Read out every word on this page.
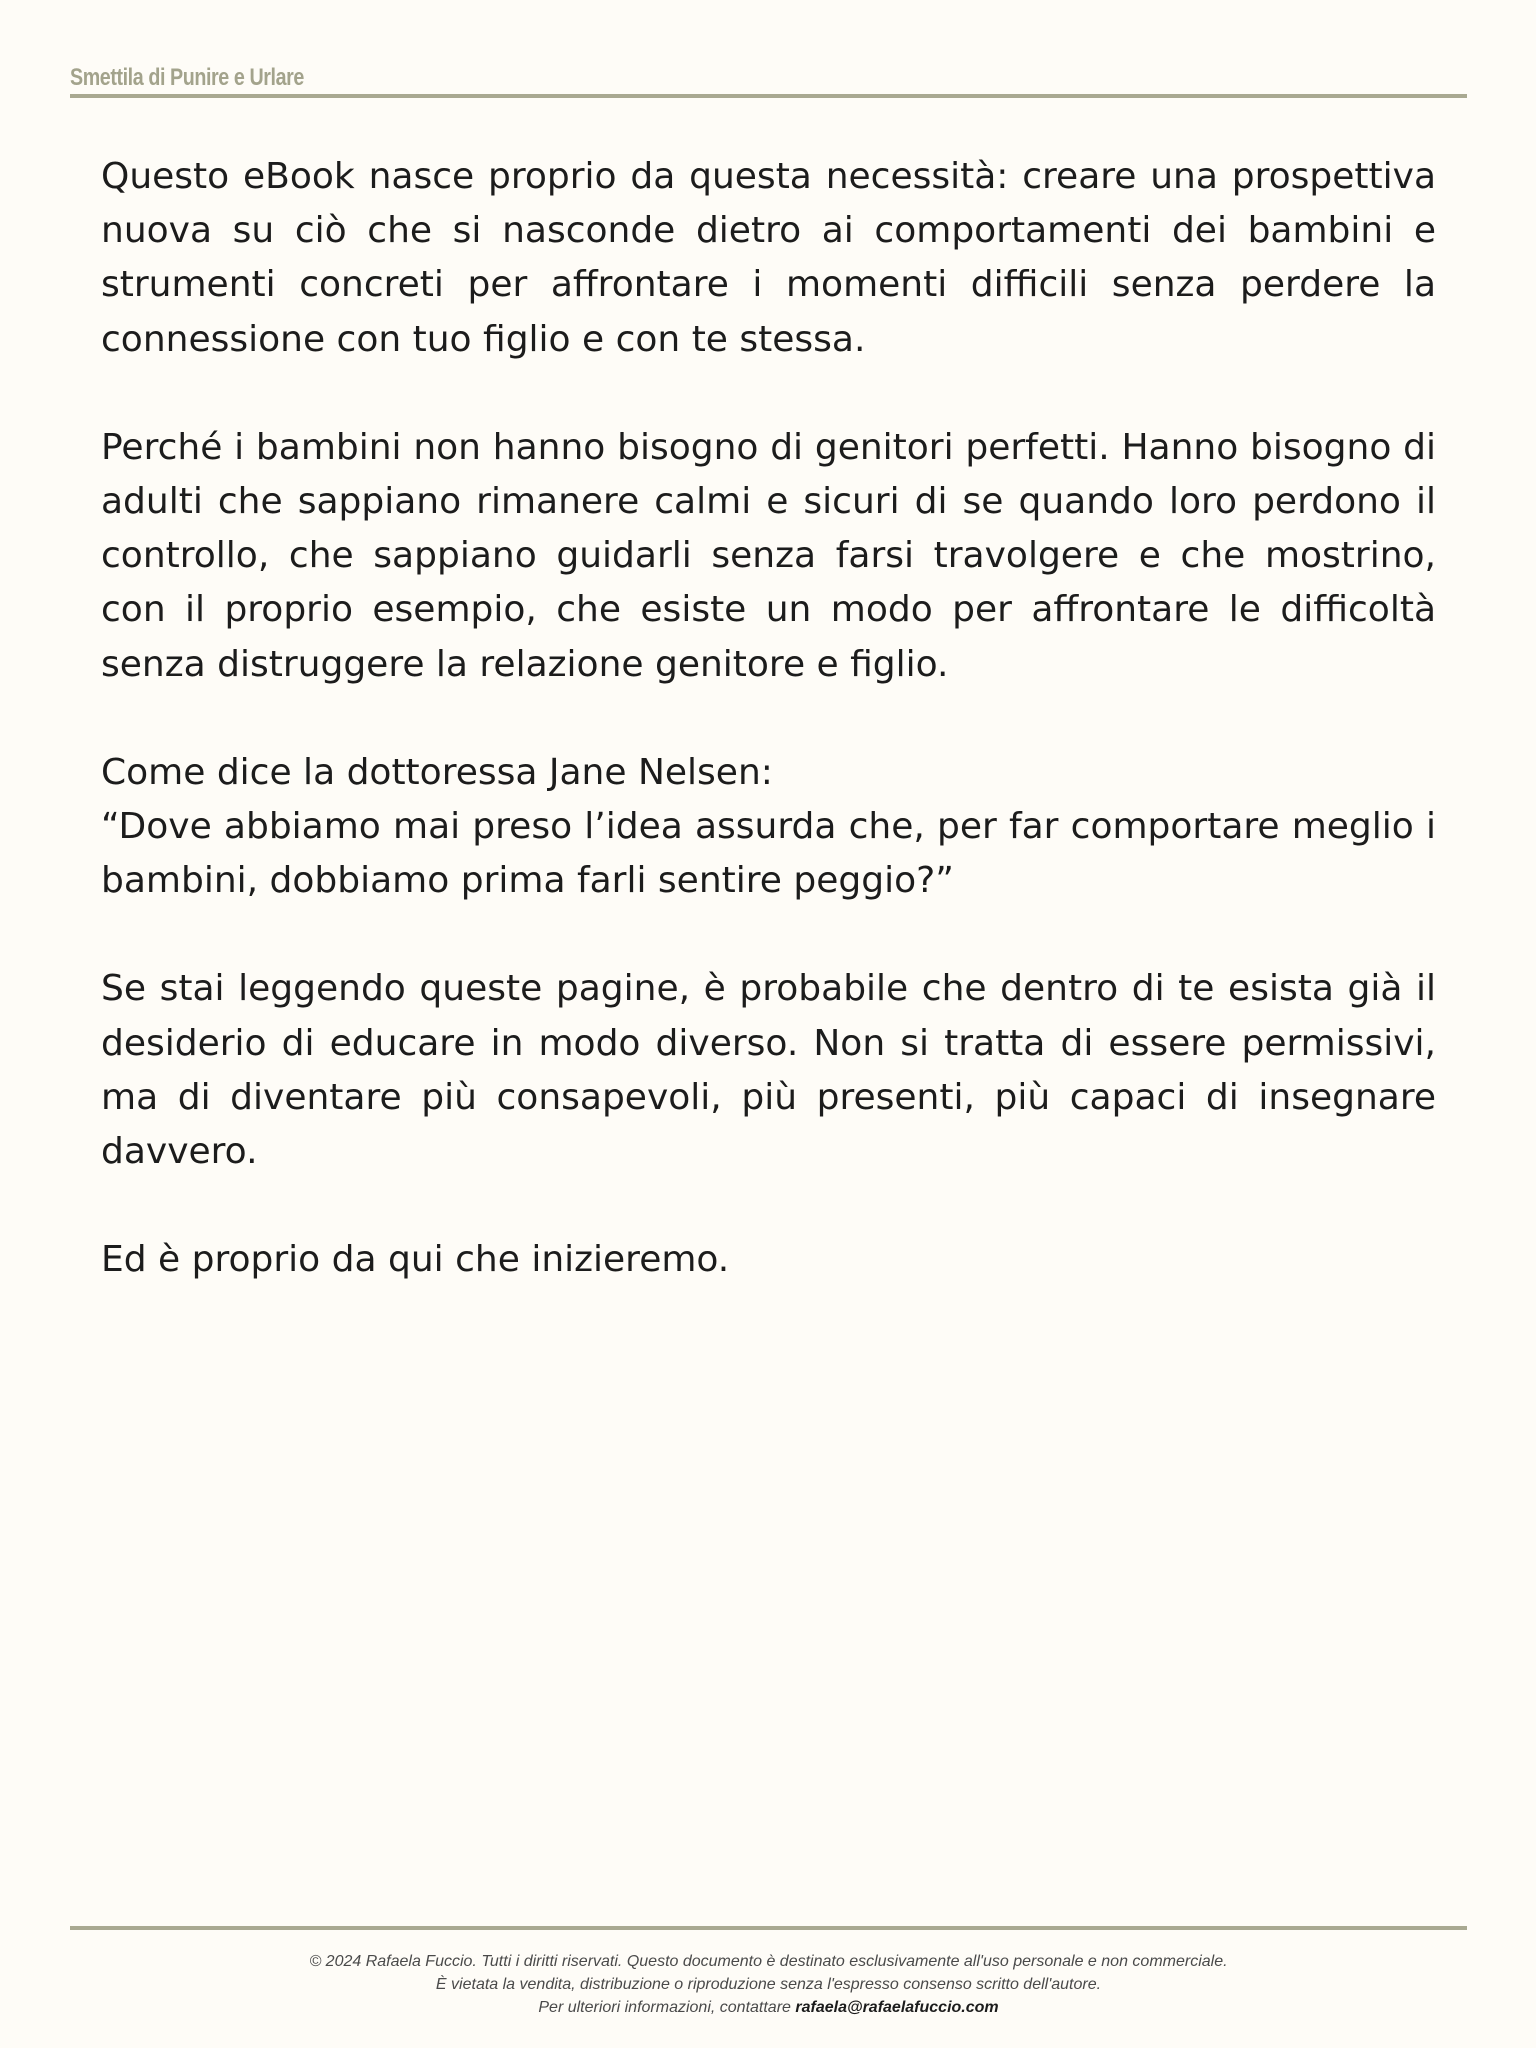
Smettila di Punire e Urlare

Questo eBook nasce proprio da questa necessità: creare una prospettiva nuova su ciò che si nasconde dietro ai comportamenti dei bambini e strumenti concreti per affrontare i momenti difficili senza perdere la connessione con tuo figlio e con te stessa.

Perché i bambini non hanno bisogno di genitori perfetti. Hanno bisogno di adulti che sappiano rimanere calmi e sicuri di se quando loro perdono il controllo, che sappiano guidarli senza farsi travolgere e che mostrino, con il proprio esempio, che esiste un modo per affrontare le difficoltà senza distruggere la relazione genitore e figlio.

Come dice la dottoressa Jane Nelsen:

“Dove abbiamo mai preso l’idea assurda che, per far comportare meglio i bambini, dobbiamo prima farli sentire peggio?”

Se stai leggendo queste pagine, è probabile che dentro di te esista già il desiderio di educare in modo diverso. Non si tratta di essere permissivi, ma di diventare più consapevoli, più presenti, più capaci di insegnare davvero.

Ed è proprio da qui che inizieremo.

© 2024 Rafaela Fuccio. Tutti i diritti riservati. Questo documento è destinato esclusivamente all'uso personale e non commerciale.
È vietata la vendita, distribuzione o riproduzione senza l'espresso consenso scritto dell'autore.
Per ulteriori informazioni, contattare rafaela@rafaelafuccio.com
